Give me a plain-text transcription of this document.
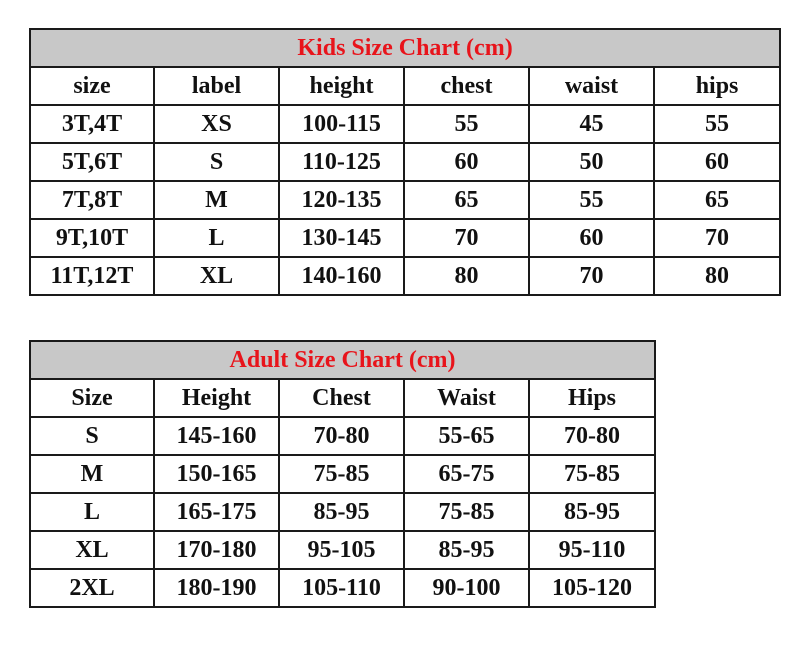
Kids Size Chart (cm)					
size	label	height	chest	waist	hips
3T,4T	XS	100-115	55	45	55
5T,6T	S	110-125	60	50	60
7T,8T	M	120-135	65	55	65
9T,10T	L	130-145	70	60	70
11T,12T	XL	140-160	80	70	80
Adult Size Chart (cm)				
Size	Height	Chest	Waist	Hips
S	145-160	70-80	55-65	70-80
M	150-165	75-85	65-75	75-85
L	165-175	85-95	75-85	85-95
XL	170-180	95-105	85-95	95-110
2XL	180-190	105-110	90-100	105-120
